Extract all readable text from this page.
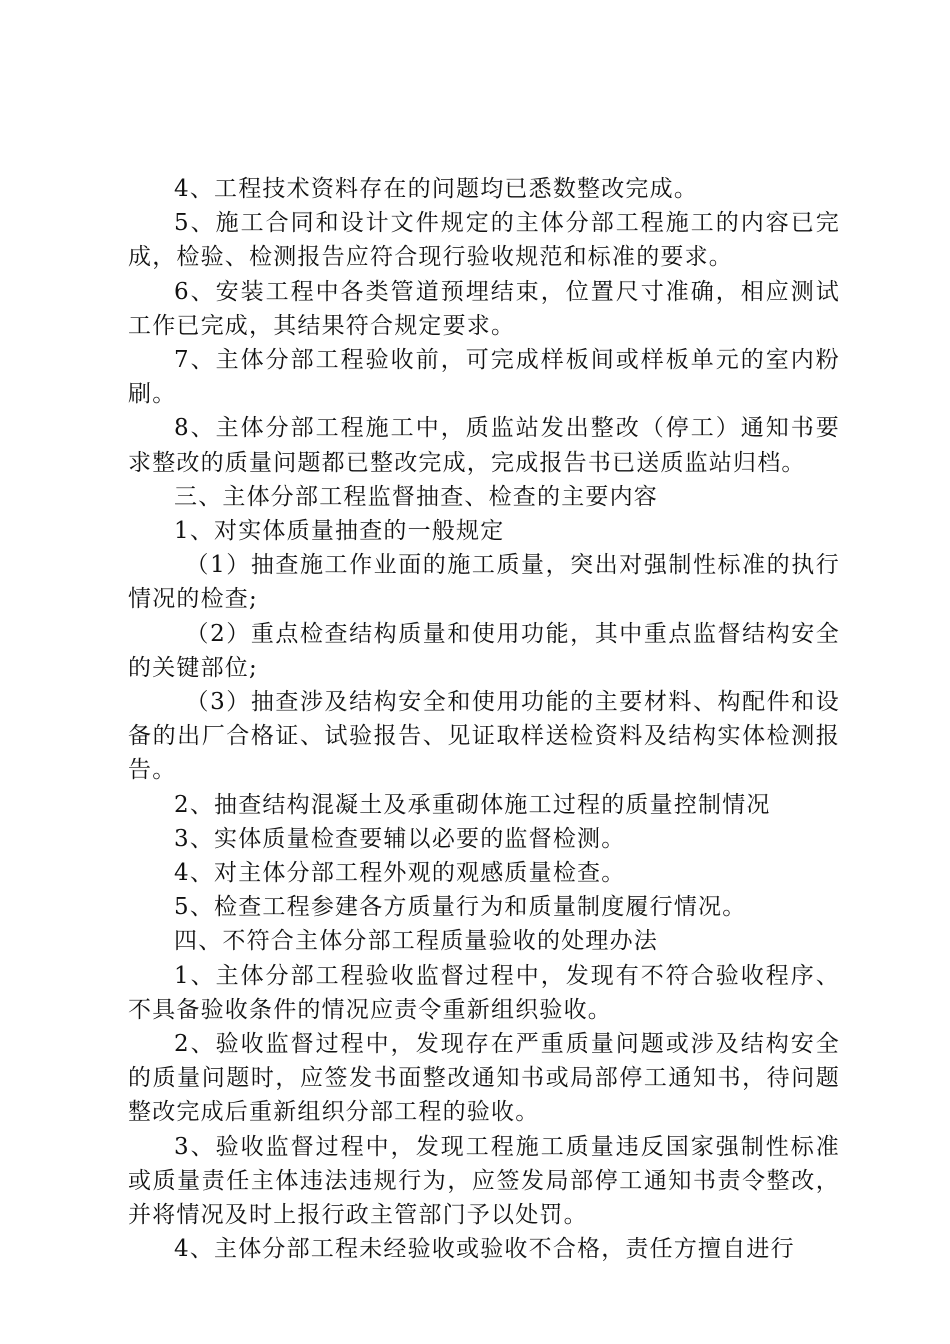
4、工程技术资料存在的问题均已悉数整改完成。

5、施工合同和设计文件规定的主体分部工程施工的内容已完成，检验、检测报告应符合现行验收规范和标准的要求。

6、安装工程中各类管道预埋结束，位置尺寸准确，相应测试工作已完成，其结果符合规定要求。

7、主体分部工程验收前，可完成样板间或样板单元的室内粉刷。

8、主体分部工程施工中，质监站发出整改（停工）通知书要求整改的质量问题都已整改完成，完成报告书已送质监站归档。

三、主体分部工程监督抽查、检查的主要内容

1、对实体质量抽查的一般规定

（1）抽查施工作业面的施工质量，突出对强制性标准的执行情况的检查;

（2）重点检查结构质量和使用功能，其中重点监督结构安全的关键部位;

（3）抽查涉及结构安全和使用功能的主要材料、构配件和设备的出厂合格证、试验报告、见证取样送检资料及结构实体检测报告。

2、抽查结构混凝土及承重砌体施工过程的质量控制情况

3、实体质量检查要辅以必要的监督检测。

4、对主体分部工程外观的观感质量检查。

5、检查工程参建各方质量行为和质量制度履行情况。

四、不符合主体分部工程质量验收的处理办法

1、主体分部工程验收监督过程中，发现有不符合验收程序、不具备验收条件的情况应责令重新组织验收。

2、验收监督过程中，发现存在严重质量问题或涉及结构安全的质量问题时，应签发书面整改通知书或局部停工通知书，待问题整改完成后重新组织分部工程的验收。

3、验收监督过程中，发现工程施工质量违反国家强制性标准或质量责任主体违法违规行为，应签发局部停工通知书责令整改，并将情况及时上报行政主管部门予以处罚。

4、主体分部工程未经验收或验收不合格，责任方擅自进行
